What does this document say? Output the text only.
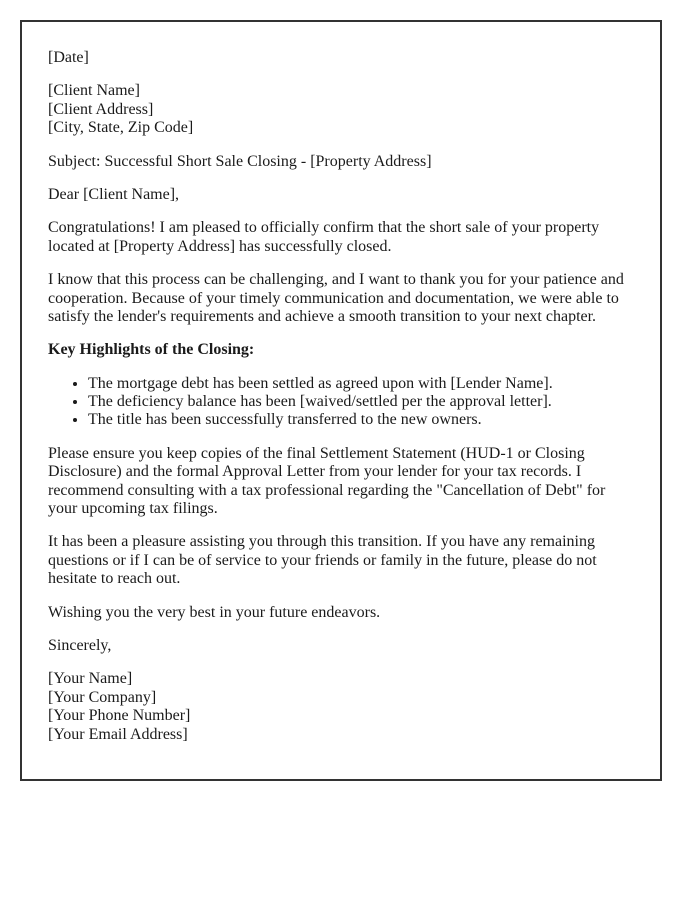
[Date]

[Client Name]
[Client Address]
[City, State, Zip Code]

Subject: Successful Short Sale Closing - [Property Address]

Dear [Client Name],

Congratulations! I am pleased to officially confirm that the short sale of your property located at [Property Address] has successfully closed.

I know that this process can be challenging, and I want to thank you for your patience and cooperation. Because of your timely communication and documentation, we were able to satisfy the lender's requirements and achieve a smooth transition to your next chapter.

Key Highlights of the Closing:

• The mortgage debt has been settled as agreed upon with [Lender Name].
• The deficiency balance has been [waived/settled per the approval letter].
• The title has been successfully transferred to the new owners.

Please ensure you keep copies of the final Settlement Statement (HUD-1 or Closing Disclosure) and the formal Approval Letter from your lender for your tax records. I recommend consulting with a tax professional regarding the "Cancellation of Debt" for your upcoming tax filings.

It has been a pleasure assisting you through this transition. If you have any remaining questions or if I can be of service to your friends or family in the future, please do not hesitate to reach out.

Wishing you the very best in your future endeavors.

Sincerely,

[Your Name]
[Your Company]
[Your Phone Number]
[Your Email Address]
